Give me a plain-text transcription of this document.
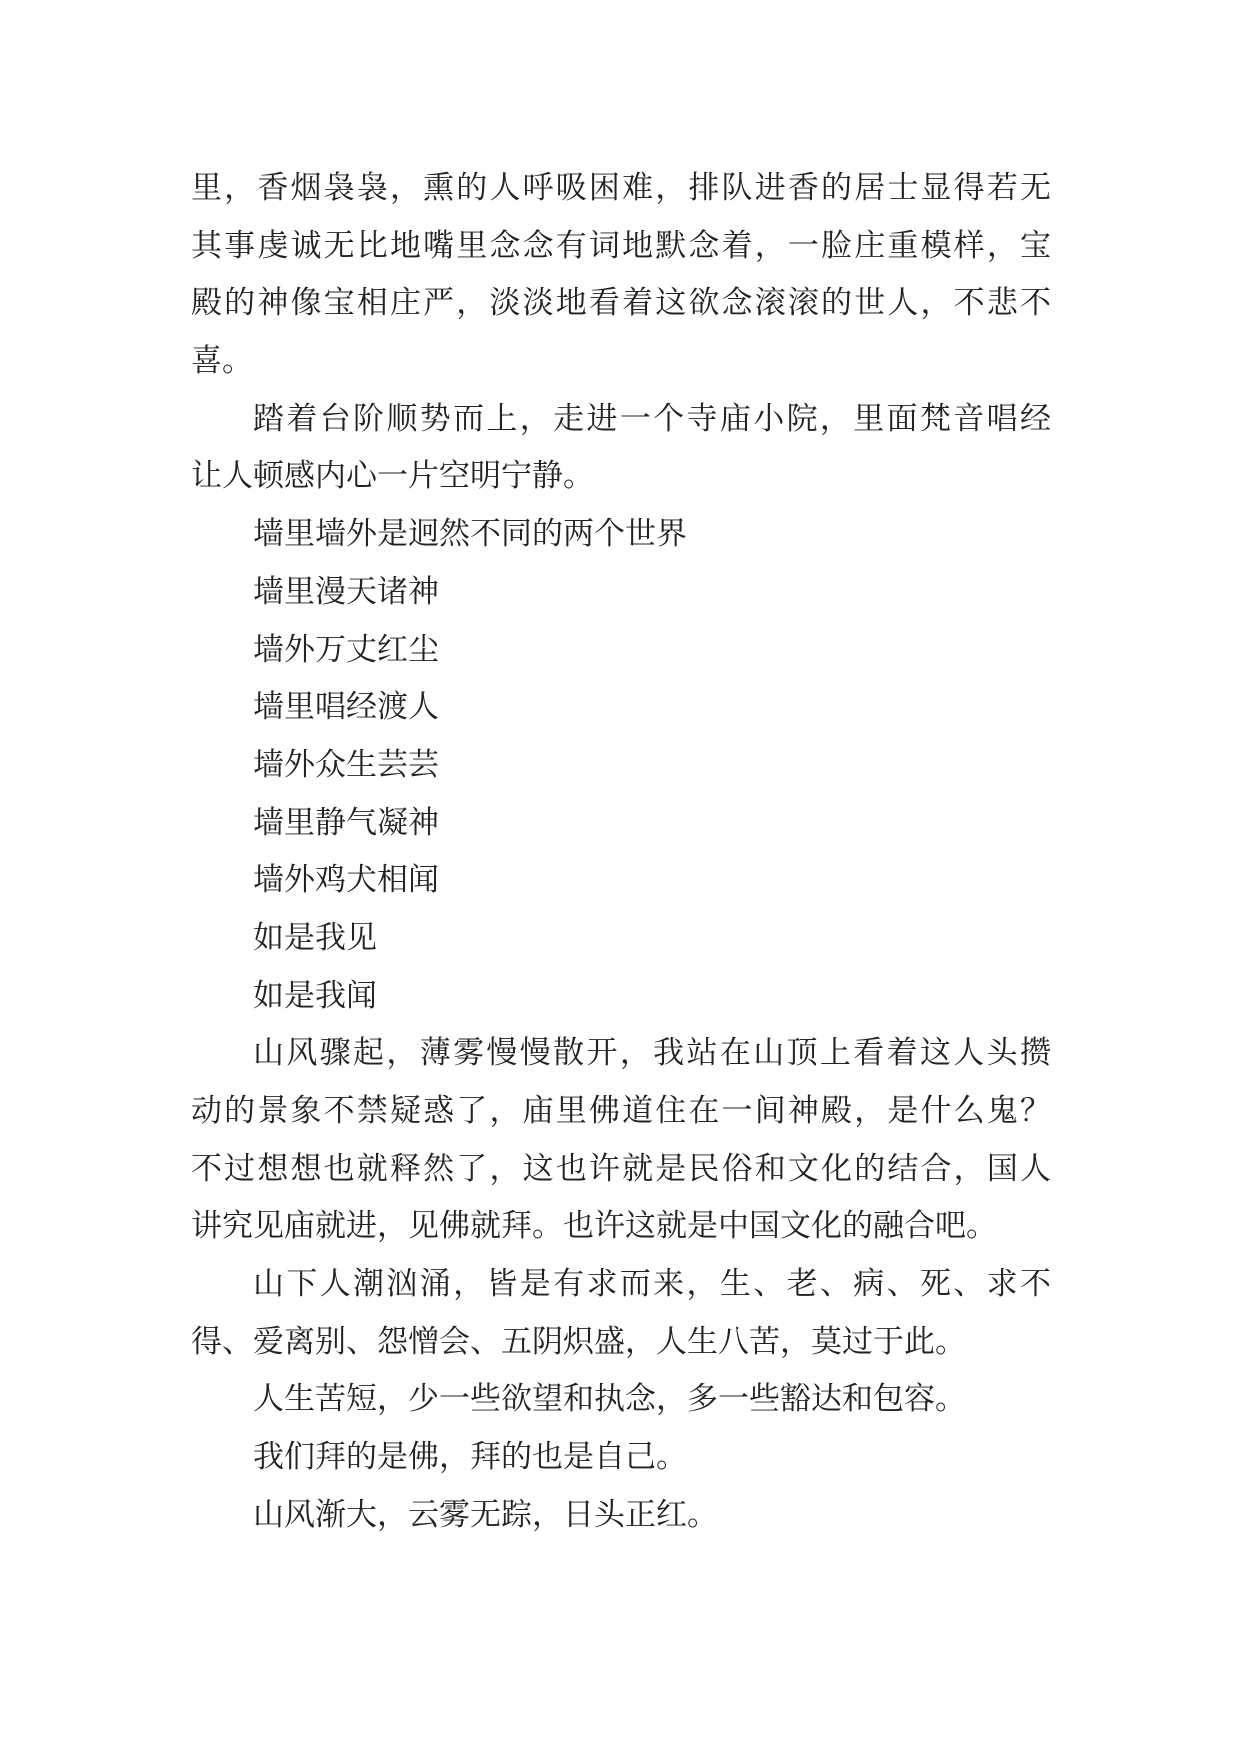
里，香烟袅袅，熏的人呼吸困难，排队进香的居士显得若无
其事虔诚无比地嘴里念念有词地默念着，一脸庄重模样，宝
殿的神像宝相庄严，淡淡地看着这欲念滚滚的世人，不悲不
喜。
踏着台阶顺势而上，走进一个寺庙小院，里面梵音唱经
让人顿感内心一片空明宁静。
墙里墙外是迥然不同的两个世界
墙里漫天诸神
墙外万丈红尘
墙里唱经渡人
墙外众生芸芸
墙里静气凝神
墙外鸡犬相闻
如是我见
如是我闻
山风骤起，薄雾慢慢散开，我站在山顶上看着这人头攒
动的景象不禁疑惑了，庙里佛道住在一间神殿，是什么鬼？
不过想想也就释然了，这也许就是民俗和文化的结合，国人
讲究见庙就进，见佛就拜。也许这就是中国文化的融合吧。
山下人潮汹涌，皆是有求而来，生、老、病、死、求不
得、爱离别、怨憎会、五阴炽盛，人生八苦，莫过于此。
人生苦短，少一些欲望和执念，多一些豁达和包容。
我们拜的是佛，拜的也是自己。
山风渐大，云雾无踪，日头正红。
